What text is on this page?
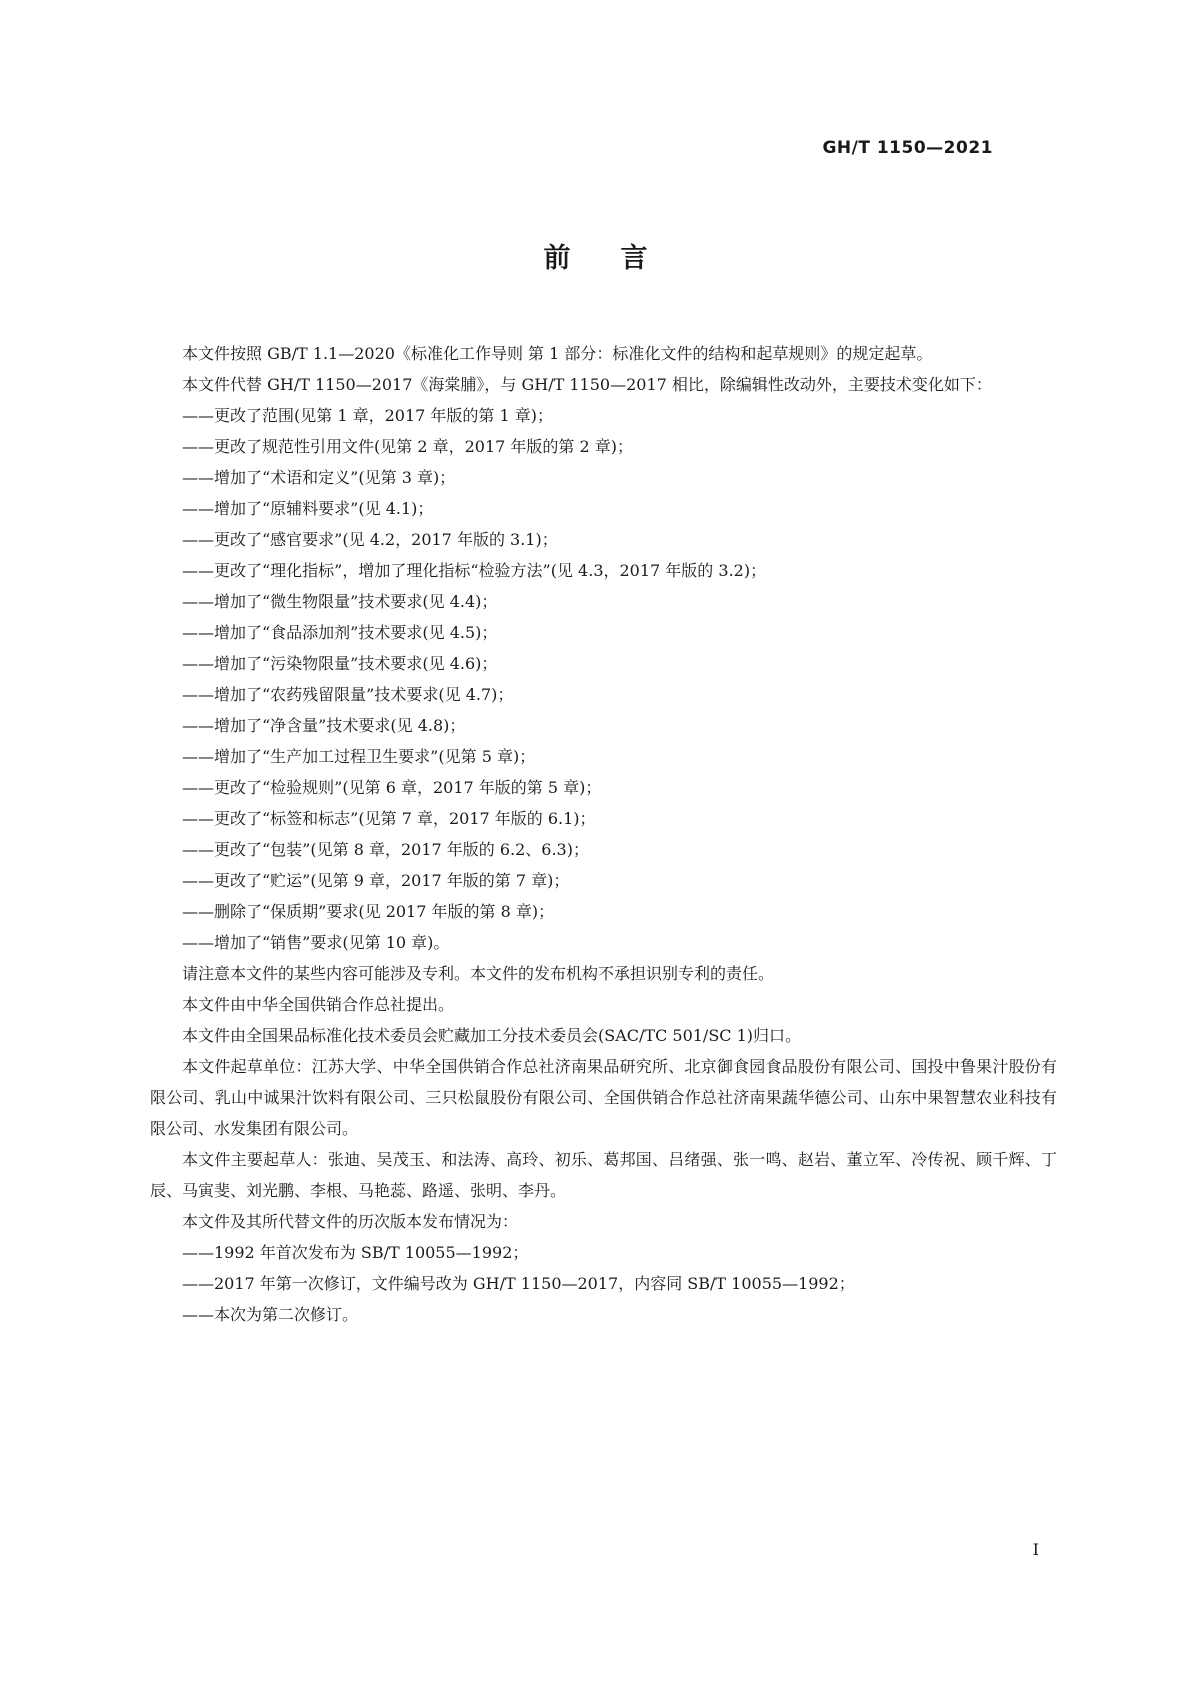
GH/T 1150—2021
前言

本文件按照 GB/T 1.1—2020《标准化工作导则 第 1 部分：标准化文件的结构和起草规则》的规定起草。

本文件代替 GH/T 1150—2017《海棠脯》，与 GH/T 1150—2017 相比，除编辑性改动外，主要技术变化如下：

——更改了范围(见第 1 章，2017 年版的第 1 章)；

——更改了规范性引用文件(见第 2 章，2017 年版的第 2 章)；

——增加了“术语和定义”(见第 3 章)；

——增加了“原辅料要求”(见 4.1)；

——更改了“感官要求”(见 4.2，2017 年版的 3.1)；

——更改了“理化指标”，增加了理化指标“检验方法”(见 4.3，2017 年版的 3.2)；

——增加了“微生物限量”技术要求(见 4.4)；

——增加了“食品添加剂”技术要求(见 4.5)；

——增加了“污染物限量”技术要求(见 4.6)；

——增加了“农药残留限量”技术要求(见 4.7)；

——增加了“净含量”技术要求(见 4.8)；

——增加了“生产加工过程卫生要求”(见第 5 章)；

——更改了“检验规则”(见第 6 章，2017 年版的第 5 章)；

——更改了“标签和标志”(见第 7 章，2017 年版的 6.1)；

——更改了“包装”(见第 8 章，2017 年版的 6.2、6.3)；

——更改了“贮运”(见第 9 章，2017 年版的第 7 章)；

——删除了“保质期”要求(见 2017 年版的第 8 章)；

——增加了“销售”要求(见第 10 章)。

请注意本文件的某些内容可能涉及专利。本文件的发布机构不承担识别专利的责任。

本文件由中华全国供销合作总社提出。

本文件由全国果品标准化技术委员会贮藏加工分技术委员会(SAC/TC 501/SC 1)归口。

本文件起草单位：江苏大学、中华全国供销合作总社济南果品研究所、北京御食园食品股份有限公司、国投中鲁果汁股份有限公司、乳山中诚果汁饮料有限公司、三只松鼠股份有限公司、全国供销合作总社济南果蔬华德公司、山东中果智慧农业科技有限公司、水发集团有限公司。

本文件主要起草人：张迪、吴茂玉、和法涛、高玲、初乐、葛邦国、吕绪强、张一鸣、赵岩、董立军、冷传祝、顾千辉、丁辰、马寅斐、刘光鹏、李根、马艳蕊、路遥、张明、李丹。

本文件及其所代替文件的历次版本发布情况为：

——1992 年首次发布为 SB/T 10055—1992；

——2017 年第一次修订，文件编号改为 GH/T 1150—2017，内容同 SB/T 10055—1992；

——本次为第二次修订。

I
